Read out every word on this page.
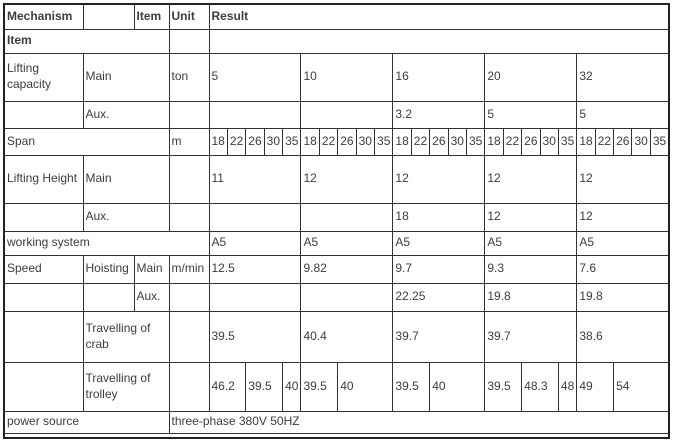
Mechanism		Item	Unit	Result																								
Item																												
Lifting capacity	Main		ton	5					10					16					20					32				
	Aux.													3.2					5					5				
Span			m	18	22	26	30	35	18	22	26	30	35	18	22	26	30	35	18	22	26	30	35	18	22	26	30	35
Lifting Height	Main			11					12					12					12					12				
	Aux.													18					12					12				
working system				A5					A5					A5					A5					A5				
Speed	Hoisting	Main	m/min	12.5					9.82					9.7					9.3					7.6				
		Aux.												22.25					19.8					19.8				
	Travelling of crab			39.5					40.4					39.7					39.7					38.6				
	Travelling of trolley			46.2		39.5		40	39.5		40			39.5		40			39.5		48.3		48	49		54		
power source			three-phase 380V 50HZ																									
